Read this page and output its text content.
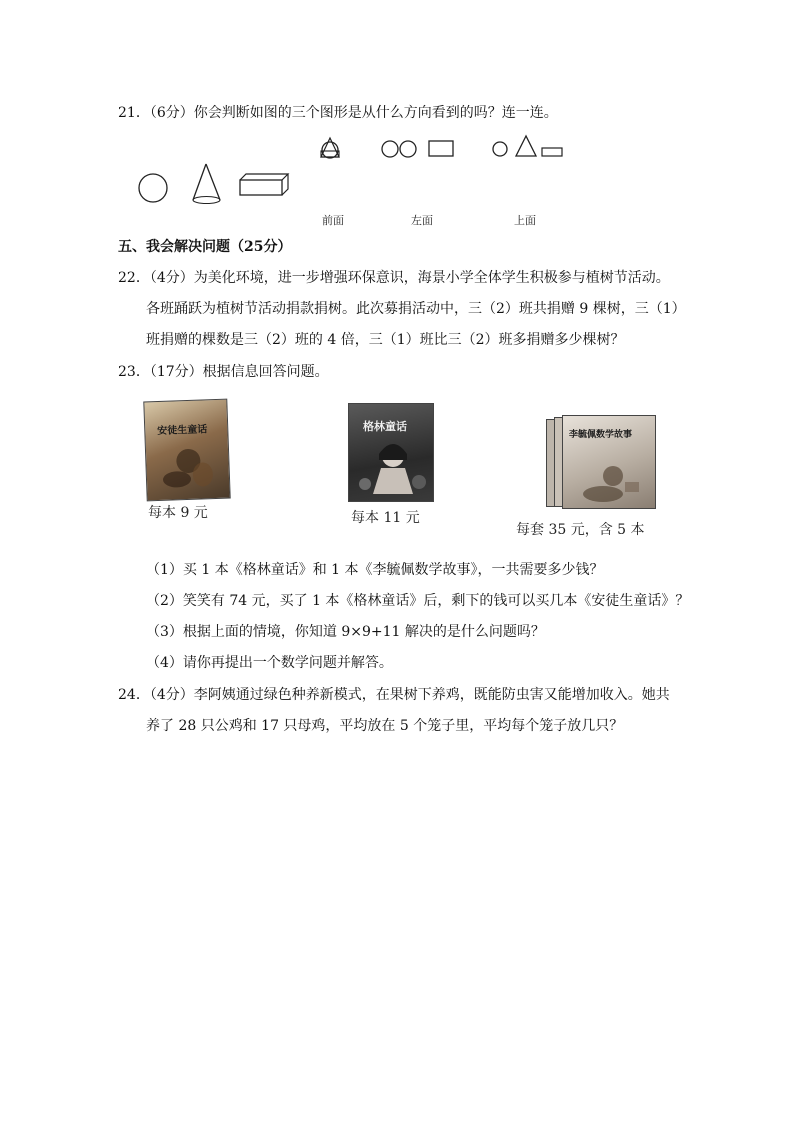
21．（6分）你会判断如图的三个图形是从什么方向看到的吗？连一连。
前面	左面	上面
五、我会解决问题（25分）
22．（4分）为美化环境，进一步增强环保意识，海景小学全体学生积极参与植树节活动。
各班踊跃为植树节活动捐款捐树。此次募捐活动中，三（2）班共捐赠 9 棵树，三（1）
班捐赠的棵数是三（2）班的 4 倍，三（1）班比三（2）班多捐赠多少棵树？
23．（17分）根据信息回答问题。
安徒生童话
每本 9 元
格林童话
每本 11 元
李毓佩数学故事
每套 35 元，含 5 本
（1）买 1 本《格林童话》和 1 本《李毓佩数学故事》，一共需要多少钱？
（2）笑笑有 74 元，买了 1 本《格林童话》后，剩下的钱可以买几本《安徒生童话》？
（3）根据上面的情境，你知道 9×9+11 解决的是什么问题吗？
（4）请你再提出一个数学问题并解答。
24．（4分）李阿姨通过绿色种养新模式，在果树下养鸡，既能防虫害又能增加收入。她共
养了 28 只公鸡和 17 只母鸡，平均放在 5 个笼子里，平均每个笼子放几只？
